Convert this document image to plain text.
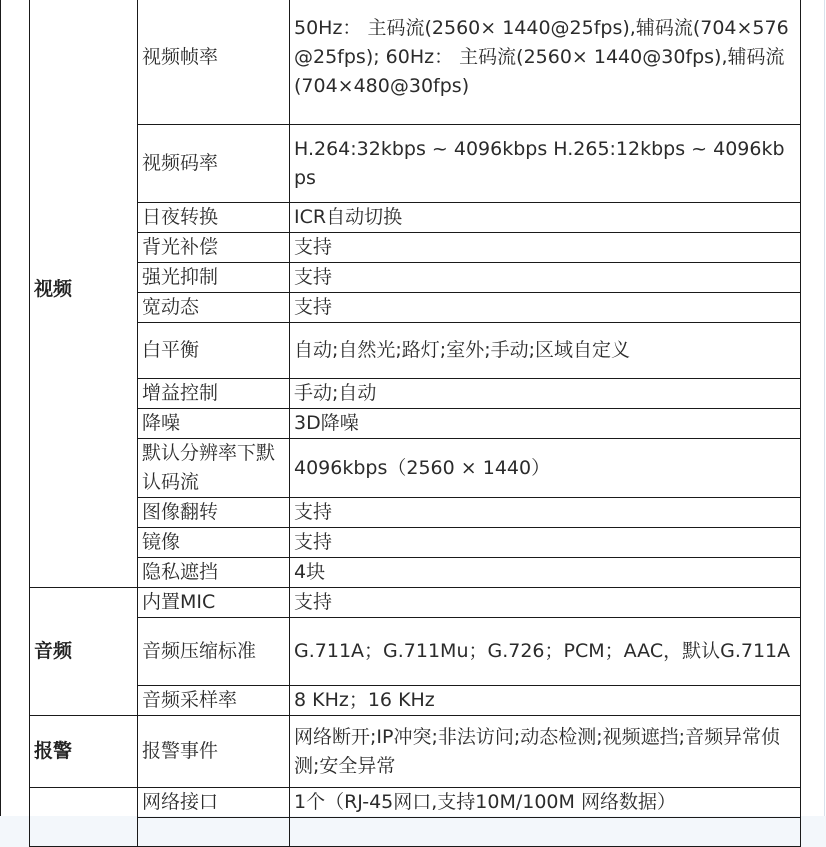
视频	视频帧率	50Hz： 主码流(2560× 1440@25fps),辅码流(704×576@25fps); 60Hz： 主码流(2560× 1440@30fps),辅码流(704×480@30fps)
	视频码率	H.264:32kbps ~ 4096kbps H.265:12kbps ~ 4096kbps
	日夜转换	ICR自动切换
	背光补偿	支持
	强光抑制	支持
	宽动态	支持
	白平衡	自动;自然光;路灯;室外;手动;区域自定义
	增益控制	手动;自动
	降噪	3D降噪
	默认分辨率下默认码流	4096kbps（2560 × 1440）
	图像翻转	支持
	镜像	支持
	隐私遮挡	4块
音频	内置MIC	支持
	音频压缩标准	G.711A；G.711Mu；G.726；PCM；AAC，默认G.711A
	音频采样率	8 KHz；16 KHz
报警	报警事件	网络断开;IP冲突;非法访问;动态检测;视频遮挡;音频异常侦测;安全异常
	网络接口	1个（RJ-45网口,支持10M/100M 网络数据）
